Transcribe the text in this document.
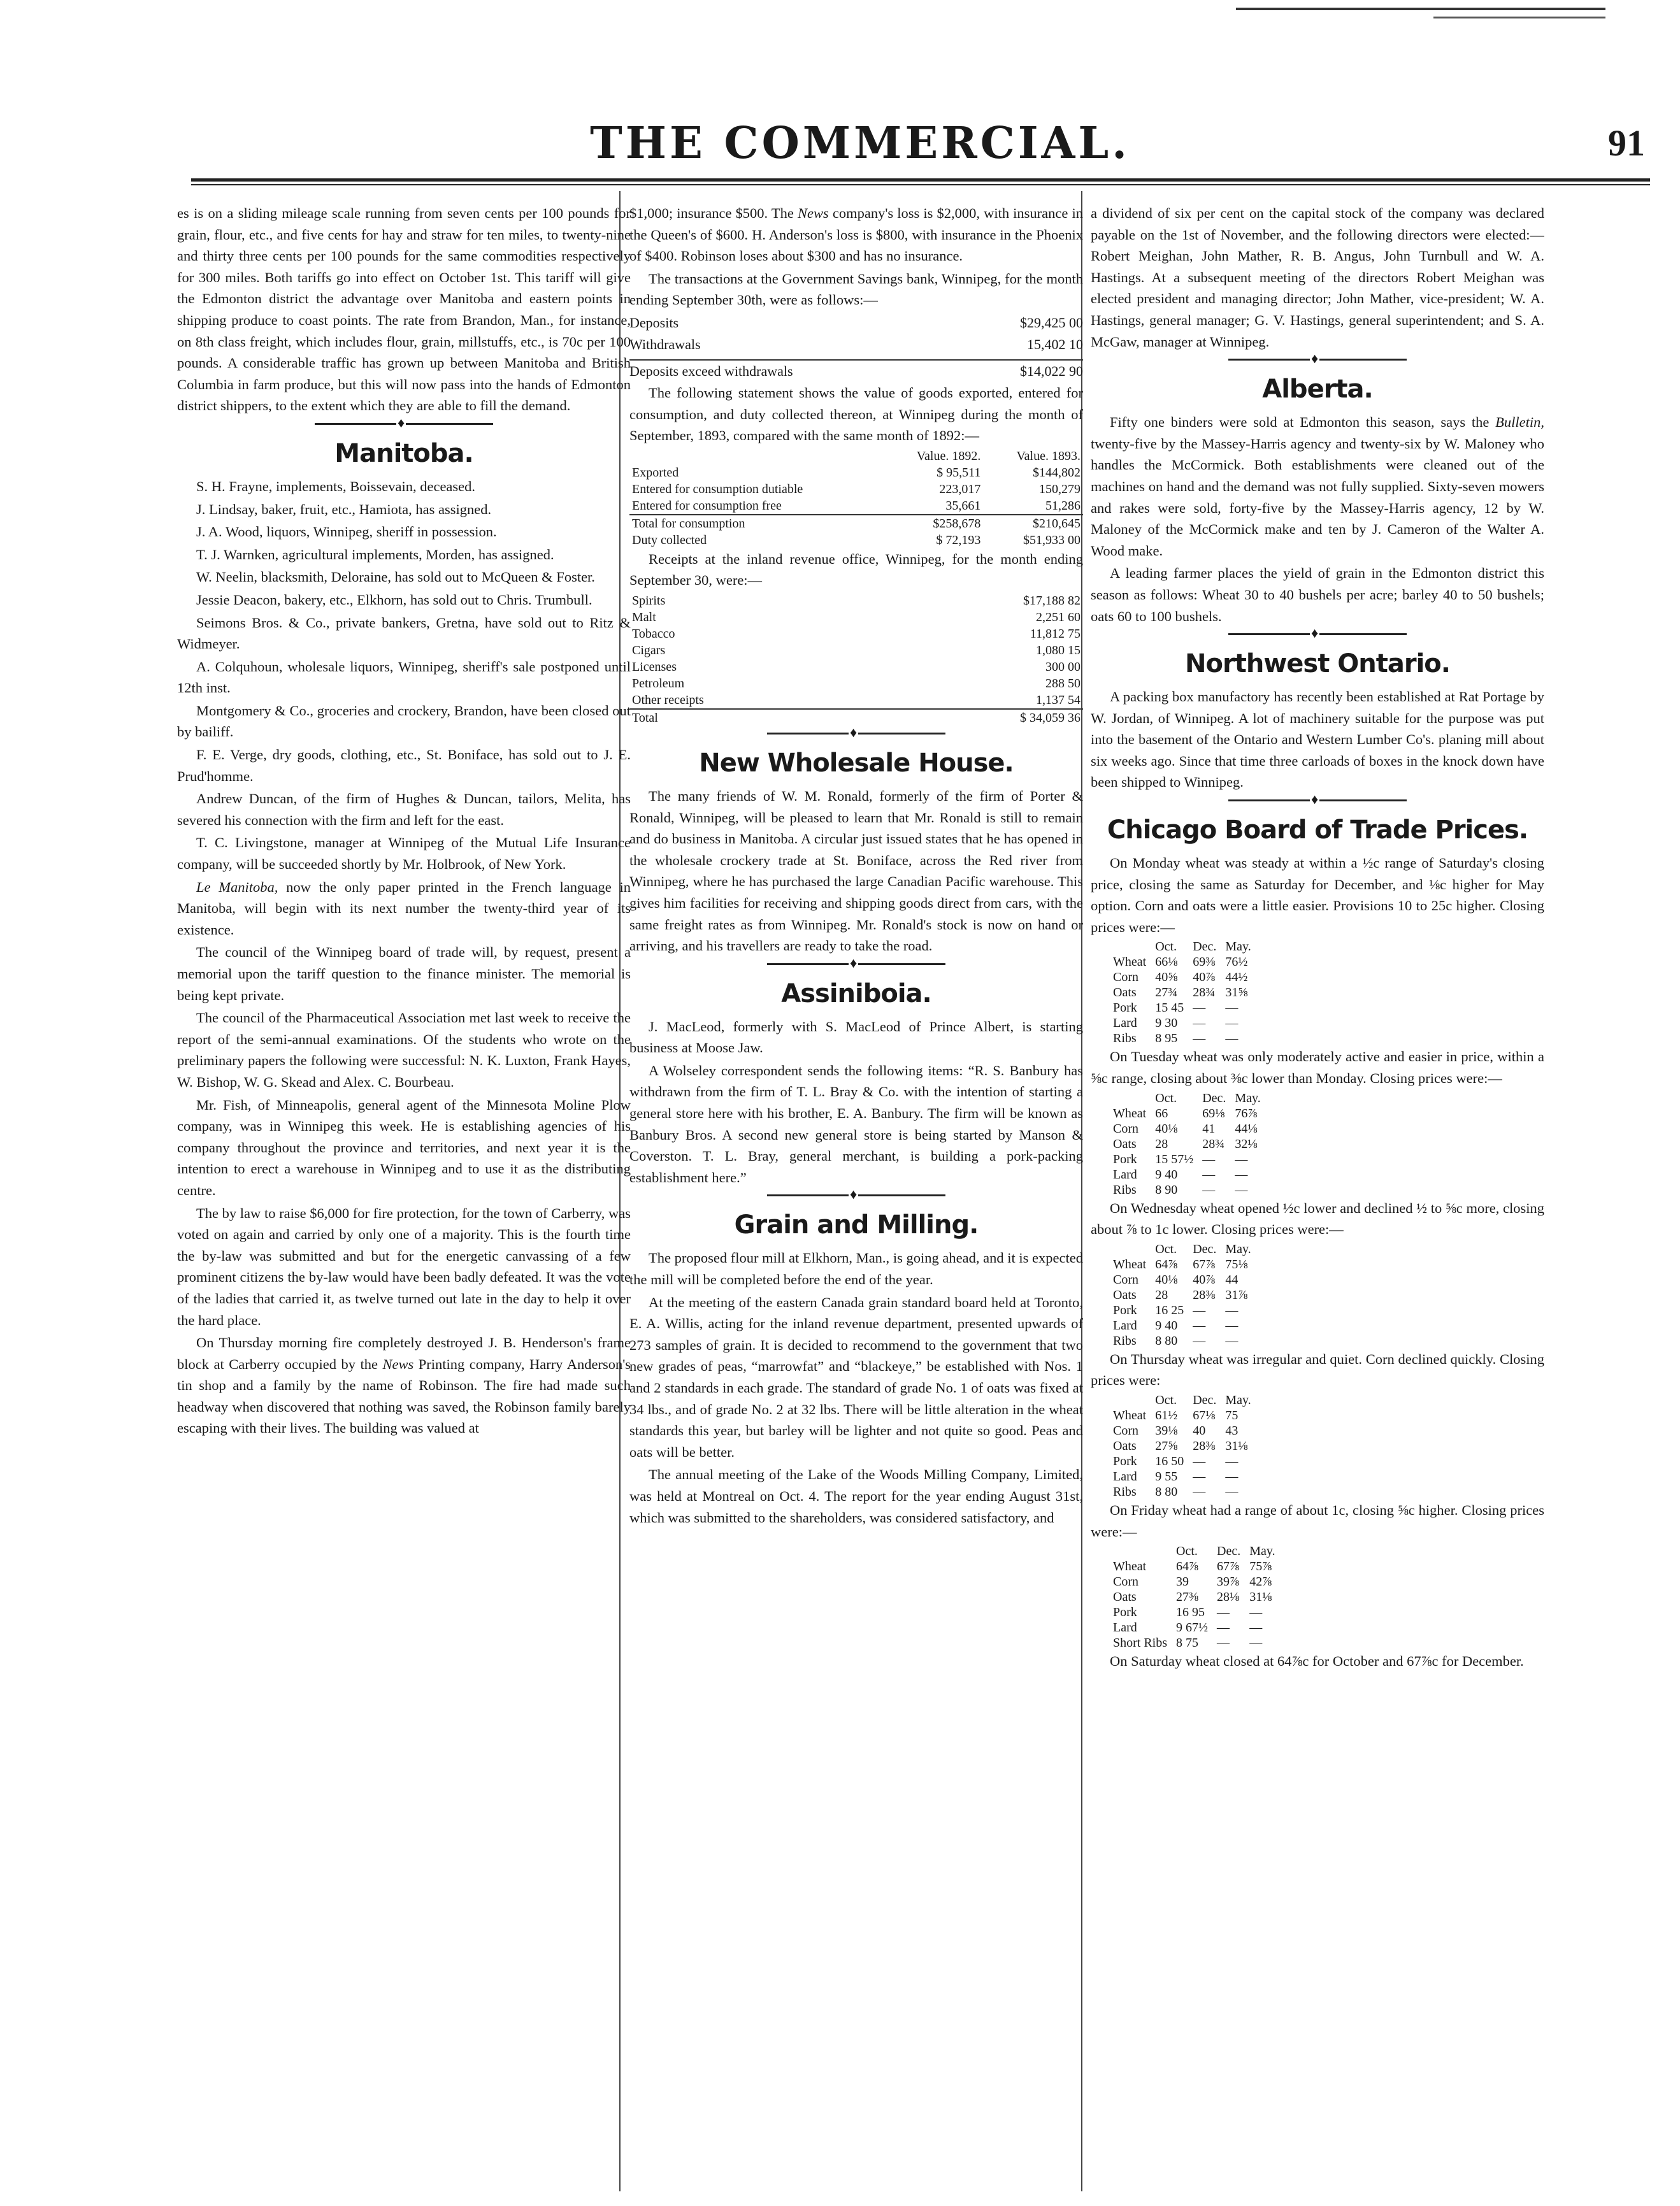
THE COMMERCIAL.	91

es is on a sliding mileage scale running from seven cents per 100 pounds for grain, flour, etc., and five cents for hay and straw for ten miles, to twenty-nine and thirty three cents per 100 pounds for the same commodities respectively for 300 miles. Both tariffs go into effect on October 1st. This tariff will give the Edmonton district the advantage over Manitoba and eastern points in shipping produce to coast points. The rate from Brandon, Man., for instance, on 8th class freight, which includes flour, grain, millstuffs, etc., is 70c per 100 pounds. A considerable traffic has grown up between Manitoba and British Columbia in farm produce, but this will now pass into the hands of Edmonton district shippers, to the extent which they are able to fill the demand.

♦
Manitoba.

S. H. Frayne, implements, Boissevain, deceased.

J. Lindsay, baker, fruit, etc., Hamiota, has assigned.

J. A. Wood, liquors, Winnipeg, sheriff in possession.

T. J. Warnken, agricultural implements, Morden, has assigned.

W. Neelin, blacksmith, Deloraine, has sold out to McQueen & Foster.

Jessie Deacon, bakery, etc., Elkhorn, has sold out to Chris. Trumbull.

Seimons Bros. & Co., private bankers, Gretna, have sold out to Ritz & Widmeyer.

A. Colquhoun, wholesale liquors, Winnipeg, sheriff's sale postponed until 12th inst.

Montgomery & Co., groceries and crockery, Brandon, have been closed out by bailiff.

F. E. Verge, dry goods, clothing, etc., St. Boniface, has sold out to J. E. Prud'homme.

Andrew Duncan, of the firm of Hughes & Duncan, tailors, Melita, has severed his connection with the firm and left for the east.

T. C. Livingstone, manager at Winnipeg of the Mutual Life Insurance company, will be succeeded shortly by Mr. Holbrook, of New York.

Le Manitoba, now the only paper printed in the French language in Manitoba, will begin with its next number the twenty-third year of its existence.

The council of the Winnipeg board of trade will, by request, present a memorial upon the tariff question to the finance minister. The memorial is being kept private.

The council of the Pharmaceutical Association met last week to receive the report of the semi-annual examinations. Of the students who wrote on the preliminary papers the following were successful: N. K. Luxton, Frank Hayes, W. Bishop, W. G. Skead and Alex. C. Bourbeau.

Mr. Fish, of Minneapolis, general agent of the Minnesota Moline Plow company, was in Winnipeg this week. He is establishing agencies of his company throughout the province and territories, and next year it is the intention to erect a warehouse in Winnipeg and to use it as the distributing centre.

The by law to raise $6,000 for fire protection, for the town of Carberry, was voted on again and carried by only one of a majority. This is the fourth time the by-law was submitted and but for the energetic canvassing of a few prominent citizens the by-law would have been badly defeated. It was the vote of the ladies that carried it, as twelve turned out late in the day to help it over the hard place.

On Thursday morning fire completely destroyed J. B. Henderson's frame block at Carberry occupied by the News Printing company, Harry Anderson's tin shop and a family by the name of Robinson. The fire had made such headway when discovered that nothing was saved, the Robinson family barely escaping with their lives. The building was valued at

$1,000; insurance $500. The News company's loss is $2,000, with insurance in the Queen's of $600. H. Anderson's loss is $800, with insurance in the Phoenix of $400. Robinson loses about $300 and has no insurance.

The transactions at the Government Savings bank, Winnipeg, for the month ending September 30th, were as follows:—

Deposits	$29,425 00
Withdrawals	15,402 10
Deposits exceed withdrawals	$14,022 90

The following statement shows the value of goods exported, entered for consumption, and duty collected thereon, at Winnipeg during the month of September, 1893, compared with the same month of 1892:—

	Value. 1892.	Value. 1893.
Exported	$ 95,511	$144,802
Entered for consumption dutiable	223,017	150,279
Entered for consumption free	35,661	51,286
Total for consumption	$258,678	$210,645
Duty collected	$ 72,193	$51,933 00

Receipts at the inland revenue office, Winnipeg, for the month ending September 30, were:—

Spirits	$17,188 82
Malt	2,251 60
Tobacco	11,812 75
Cigars	1,080 15
Licenses	300 00
Petroleum	288 50
Other receipts	1,137 54
Total	$ 34,059 36
♦
New Wholesale House.

The many friends of W. M. Ronald, formerly of the firm of Porter & Ronald, Winnipeg, will be pleased to learn that Mr. Ronald is still to remain and do business in Manitoba. A circular just issued states that he has opened in the wholesale crockery trade at St. Boniface, across the Red river from Winnipeg, where he has purchased the large Canadian Pacific warehouse. This gives him facilities for receiving and shipping goods direct from cars, with the same freight rates as from Winnipeg. Mr. Ronald's stock is now on hand or arriving, and his travellers are ready to take the road.

♦
Assiniboia.

J. MacLeod, formerly with S. MacLeod of Prince Albert, is starting business at Moose Jaw.

A Wolseley correspondent sends the following items: “R. S. Banbury has withdrawn from the firm of T. L. Bray & Co. with the intention of starting a general store here with his brother, E. A. Banbury. The firm will be known as Banbury Bros. A second new general store is being started by Manson & Coverston. T. L. Bray, general merchant, is building a pork-packing establishment here.”

♦
Grain and Milling.

The proposed flour mill at Elkhorn, Man., is going ahead, and it is expected the mill will be completed before the end of the year.

At the meeting of the eastern Canada grain standard board held at Toronto, E. A. Willis, acting for the inland revenue department, presented upwards of 273 samples of grain. It is decided to recommend to the government that two new grades of peas, “marrowfat” and “blackeye,” be established with Nos. 1 and 2 standards in each grade. The standard of grade No. 1 of oats was fixed at 34 lbs., and of grade No. 2 at 32 lbs. There will be little alteration in the wheat standards this year, but barley will be lighter and not quite so good. Peas and oats will be better.

The annual meeting of the Lake of the Woods Milling Company, Limited, was held at Montreal on Oct. 4. The report for the year ending August 31st, which was submitted to the shareholders, was considered satisfactory, and

a dividend of six per cent on the capital stock of the company was declared payable on the 1st of November, and the following directors were elected:—Robert Meighan, John Mather, R. B. Angus, John Turnbull and W. A. Hastings. At a subsequent meeting of the directors Robert Meighan was elected president and managing director; John Mather, vice-president; W. A. Hastings, general manager; G. V. Hastings, general superintendent; and S. A. McGaw, manager at Winnipeg.

♦
Alberta.

Fifty one binders were sold at Edmonton this season, says the Bulletin, twenty-five by the Massey-Harris agency and twenty-six by W. Maloney who handles the McCormick. Both establishments were cleaned out of the machines on hand and the demand was not fully supplied. Sixty-seven mowers and rakes were sold, forty-five by the Massey-Harris agency, 12 by W. Maloney of the McCormick make and ten by J. Cameron of the Walter A. Wood make.

A leading farmer places the yield of grain in the Edmonton district this season as follows: Wheat 30 to 40 bushels per acre; barley 40 to 50 bushels; oats 60 to 100 bushels.

♦
Northwest Ontario.

A packing box manufactory has recently been established at Rat Portage by W. Jordan, of Winnipeg. A lot of machinery suitable for the purpose was put into the basement of the Ontario and Western Lumber Co's. planing mill about six weeks ago. Since that time three carloads of boxes in the knock down have been shipped to Winnipeg.

♦
Chicago Board of Trade Prices.

On Monday wheat was steady at within a ½c range of Saturday's closing price, closing the same as Saturday for December, and ⅛c higher for May option. Corn and oats were a little easier. Provisions 10 to 25c higher. Closing prices were:—

	Oct.	Dec.	May.
Wheat	66⅛	69⅜	76½
Corn	40⅝	40⅞	44½
Oats	27¾	28¾	31⅝
Pork	15 45	—	—
Lard	9 30	—	—
Ribs	8 95	—	—

On Tuesday wheat was only moderately active and easier in price, within a ⅝c range, closing about ⅜c lower than Monday. Closing prices were:—

	Oct.	Dec.	May.
Wheat	66	69⅛	76⅞
Corn	40⅛	41	44⅛
Oats	28	28¾	32⅛
Pork	15 57½	—	—
Lard	9 40	—	—
Ribs	8 90	—	—

On Wednesday wheat opened ½c lower and declined ½ to ⅝c more, closing about ⅞ to 1c lower. Closing prices were:—

	Oct.	Dec.	May.
Wheat	64⅞	67⅞	75⅛
Corn	40⅛	40⅞	44
Oats	28	28⅜	31⅞
Pork	16 25	—	—
Lard	9 40	—	—
Ribs	8 80	—	—

On Thursday wheat was irregular and quiet. Corn declined quickly. Closing prices were:

	Oct.	Dec.	May.
Wheat	61½	67⅛	75
Corn	39⅛	40	43
Oats	27⅝	28⅜	31⅛
Pork	16 50	—	—
Lard	9 55	—	—
Ribs	8 80	—	—

On Friday wheat had a range of about 1c, closing ⅝c higher. Closing prices were:—

	Oct.	Dec.	May.
Wheat	64⅞	67⅞	75⅞
Corn	39	39⅞	42⅞
Oats	27⅜	28⅛	31⅛
Pork	16 95	—	—
Lard	9 67½	—	—
Short Ribs	8 75	—	—

On Saturday wheat closed at 64⅞c for October and 67⅞c for December.
